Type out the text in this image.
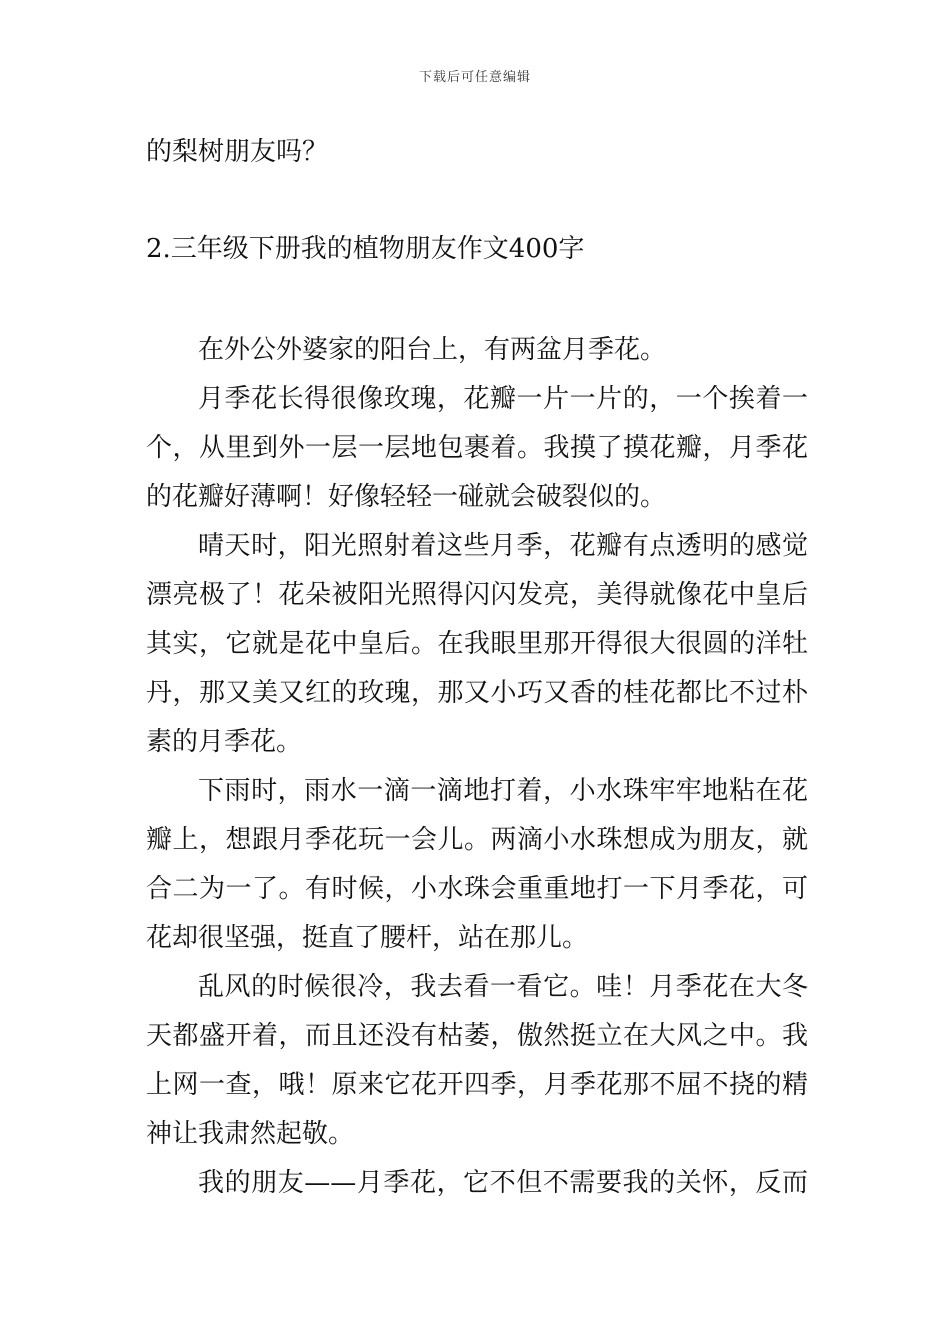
下载后可任意编辑
的梨树朋友吗？
2.三年级下册我的植物朋友作文400字
在外公外婆家的阳台上，有两盆月季花。
月季花长得很像玫瑰，花瓣一片一片的，一个挨着一
个，从里到外一层一层地包裹着。我摸了摸花瓣，月季花
的花瓣好薄啊！好像轻轻一碰就会破裂似的。
晴天时，阳光照射着这些月季，花瓣有点透明的感觉
漂亮极了！花朵被阳光照得闪闪发亮，美得就像花中皇后
其实，它就是花中皇后。在我眼里那开得很大很圆的洋牡
丹，那又美又红的玫瑰，那又小巧又香的桂花都比不过朴
素的月季花。
下雨时，雨水一滴一滴地打着，小水珠牢牢地粘在花
瓣上，想跟月季花玩一会儿。两滴小水珠想成为朋友，就
合二为一了。有时候，小水珠会重重地打一下月季花，可
花却很坚强，挺直了腰杆，站在那儿。
乱风的时候很冷，我去看一看它。哇！月季花在大冬
天都盛开着，而且还没有枯萎，傲然挺立在大风之中。我
上网一查，哦！原来它花开四季，月季花那不屈不挠的精
神让我肃然起敬。
我的朋友——月季花，它不但不需要我的关怀，反而
